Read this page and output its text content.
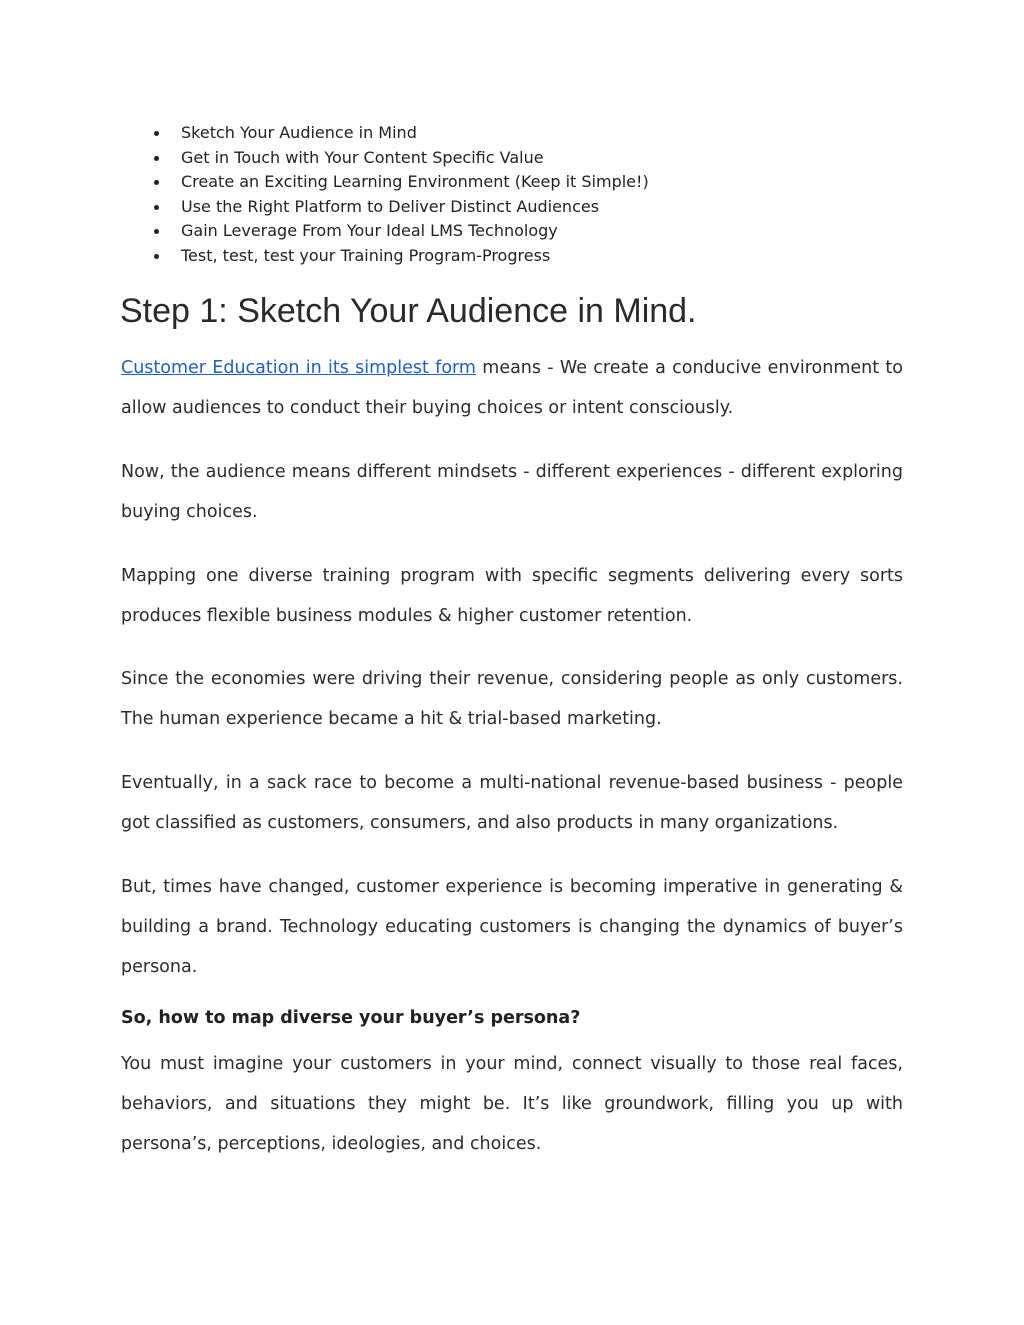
Sketch Your Audience in Mind
Get in Touch with Your Content Specific Value
Create an Exciting Learning Environment (Keep it Simple!)
Use the Right Platform to Deliver Distinct Audiences
Gain Leverage From Your Ideal LMS Technology
Test, test, test your Training Program-Progress
Step 1: Sketch Your Audience in Mind.

Customer Education in its simplest form means - We create a conducive environment to allow audiences to conduct their buying choices or intent consciously.

Now, the audience means different mindsets - different experiences - different exploring buying choices.

Mapping one diverse training program with specific segments delivering every sorts produces flexible business modules & higher customer retention.

Since the economies were driving their revenue, considering people as only customers. The human experience became a hit & trial-based marketing.

Eventually, in a sack race to become a multi-national revenue-based business - people got classified as customers, consumers, and also products in many organizations.

But, times have changed, customer experience is becoming imperative in generating & building a brand. Technology educating customers is changing the dynamics of buyer’s persona.

So, how to map diverse your buyer’s persona?

You must imagine your customers in your mind, connect visually to those real faces, behaviors, and situations they might be. It’s like groundwork, filling you up with persona’s, perceptions, ideologies, and choices.
